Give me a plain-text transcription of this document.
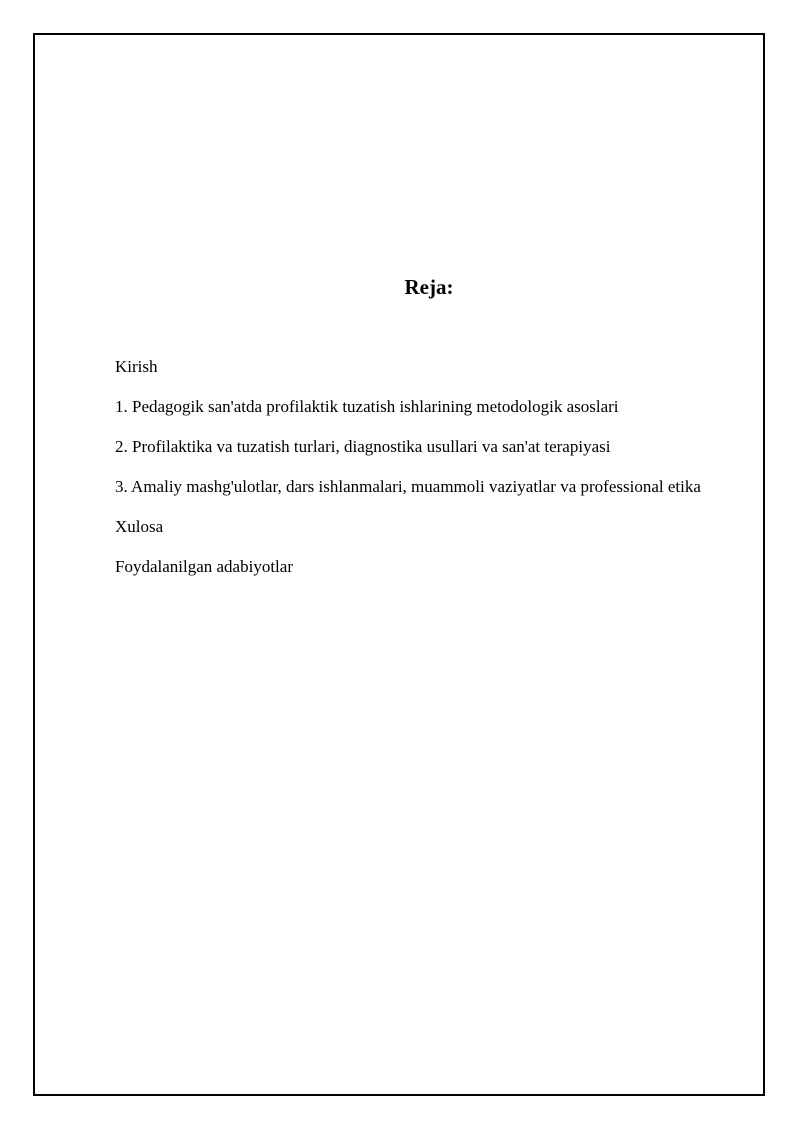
Reja:
Kirish
1. Pedagogik san'atda profilaktik tuzatish ishlarining metodologik asoslari
2. Profilaktika va tuzatish turlari, diagnostika usullari va san'at terapiyasi
3. Amaliy mashg'ulotlar, dars ishlanmalari, muammoli vaziyatlar va professional etika
Xulosa
Foydalanilgan adabiyotlar
